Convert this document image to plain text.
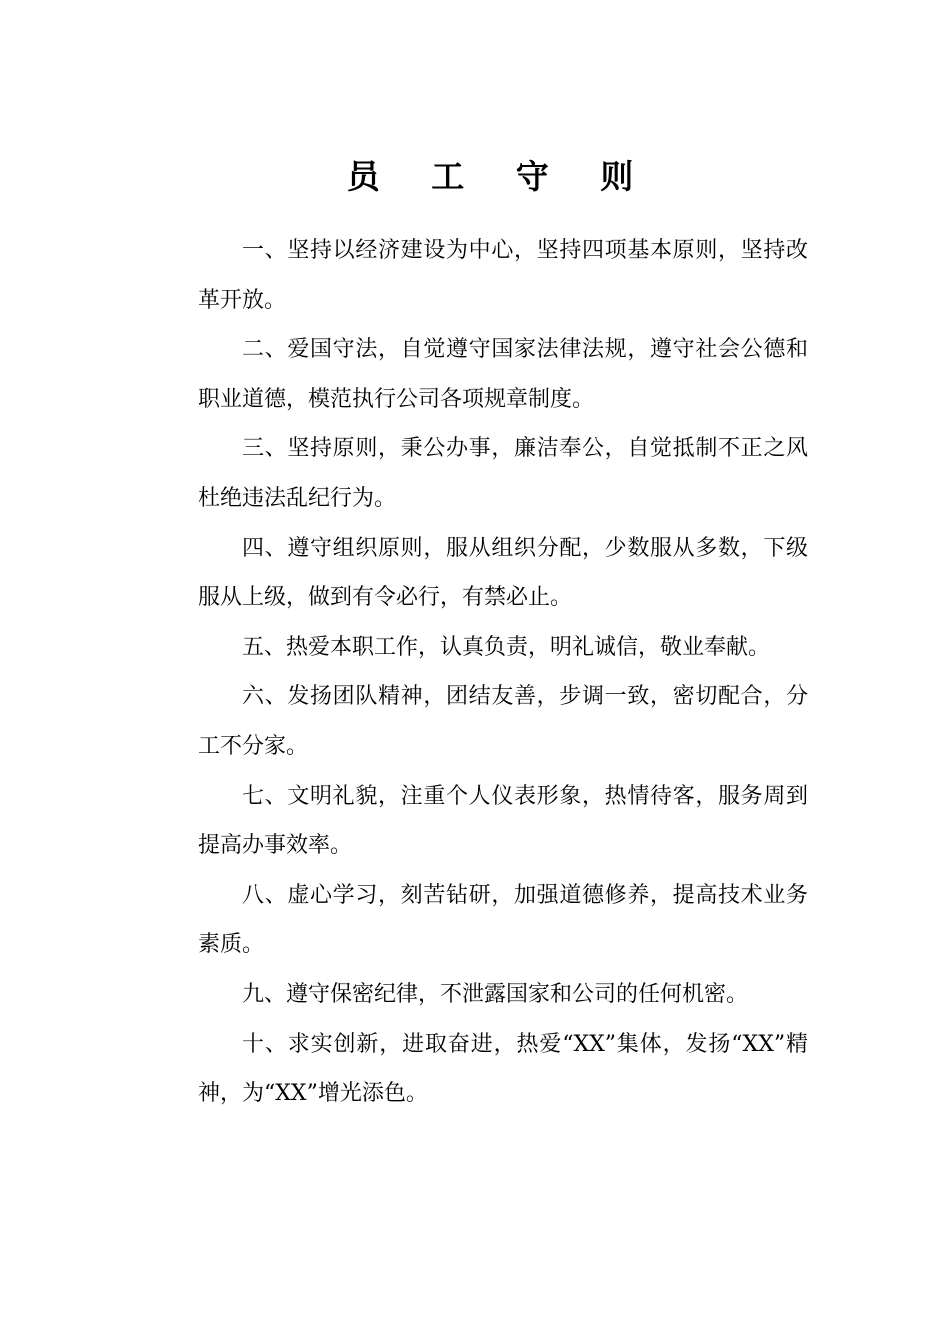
员 工 守 则

一、坚持以经济建设为中心，坚持四项基本原则，坚持改革开放。

二、爱国守法，自觉遵守国家法律法规，遵守社会公德和职业道德，模范执行公司各项规章制度。

三、坚持原则，秉公办事，廉洁奉公，自觉抵制不正之风杜绝违法乱纪行为。

四、遵守组织原则，服从组织分配，少数服从多数，下级服从上级，做到有令必行，有禁必止。

五、热爱本职工作，认真负责，明礼诚信，敬业奉献。

六、发扬团队精神，团结友善，步调一致，密切配合，分工不分家。

七、文明礼貌，注重个人仪表形象，热情待客，服务周到提高办事效率。

八、虚心学习，刻苦钻研，加强道德修养，提高技术业务素质。

九、遵守保密纪律，不泄露国家和公司的任何机密。

十、求实创新，进取奋进，热爱“XX”集体，发扬“XX”精神，为“XX”增光添色。
